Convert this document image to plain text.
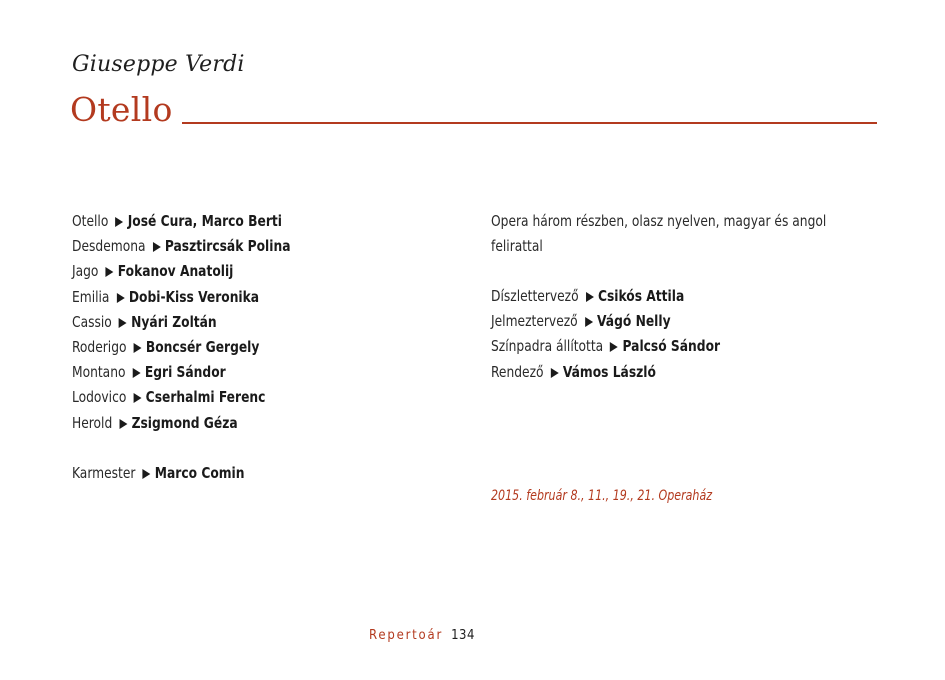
Giuseppe Verdi
Otello
Otello José Cura, Marco Berti
Desdemona Pasztircsák Polina
Jago Fokanov Anatolij
Emilia Dobi-Kiss Veronika
Cassio Nyári Zoltán
Roderigo Boncsér Gergely
Montano Egri Sándor
Lodovico Cserhalmi Ferenc
Herold Zsigmond Géza
Karmester Marco Comin
Opera három részben, olasz nyelven, magyar és angol
felirattal
Díszlettervező Csikós Attila
Jelmeztervező Vágó Nelly
Színpadra állította Palcsó Sándor
Rendező Vámos László
2015. február 8., 11., 19., 21. Operaház
Repertoár 134
